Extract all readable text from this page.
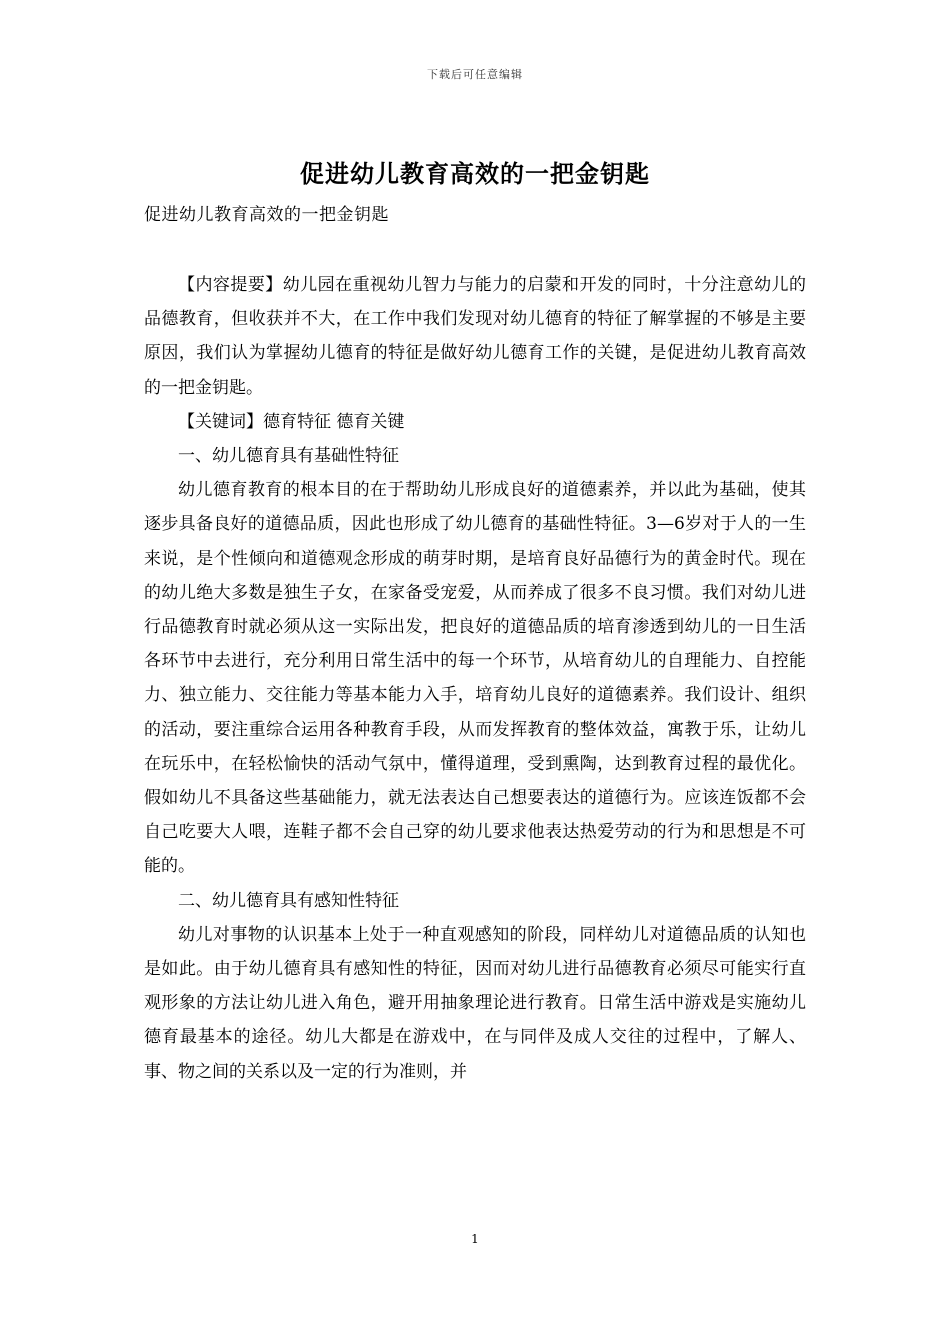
下载后可任意编辑
促进幼儿教育高效的一把金钥匙
促进幼儿教育高效的一把金钥匙

【内容提要】幼儿园在重视幼儿智力与能力的启蒙和开发的同时，十分注意幼儿的品德教育，但收获并不大，在工作中我们发现对幼儿德育的特征了解掌握的不够是主要原因，我们认为掌握幼儿德育的特征是做好幼儿德育工作的关键，是促进幼儿教育高效的一把金钥匙。

【关键词】德育特征 德育关键

一、幼儿德育具有基础性特征

幼儿德育教育的根本目的在于帮助幼儿形成良好的道德素养，并以此为基础，使其逐步具备良好的道德品质，因此也形成了幼儿德育的基础性特征。3—6岁对于人的一生来说，是个性倾向和道德观念形成的萌芽时期，是培育良好品德行为的黄金时代。现在的幼儿绝大多数是独生子女，在家备受宠爱，从而养成了很多不良习惯。我们对幼儿进行品德教育时就必须从这一实际出发，把良好的道德品质的培育渗透到幼儿的一日生活各环节中去进行，充分利用日常生活中的每一个环节，从培育幼儿的自理能力、自控能力、独立能力、交往能力等基本能力入手，培育幼儿良好的道德素养。我们设计、组织的活动，要注重综合运用各种教育手段，从而发挥教育的整体效益，寓教于乐，让幼儿在玩乐中，在轻松愉快的活动气氛中，懂得道理，受到熏陶，达到教育过程的最优化。假如幼儿不具备这些基础能力，就无法表达自己想要表达的道德行为。应该连饭都不会自己吃要大人喂，连鞋子都不会自己穿的幼儿要求他表达热爱劳动的行为和思想是不可能的。

二、幼儿德育具有感知性特征

幼儿对事物的认识基本上处于一种直观感知的阶段，同样幼儿对道德品质的认知也是如此。由于幼儿德育具有感知性的特征，因而对幼儿进行品德教育必须尽可能实行直观形象的方法让幼儿进入角色，避开用抽象理论进行教育。日常生活中游戏是实施幼儿德育最基本的途径。幼儿大都是在游戏中，在与同伴及成人交往的过程中，了解人、事、物之间的关系以及一定的行为准则，并

1
